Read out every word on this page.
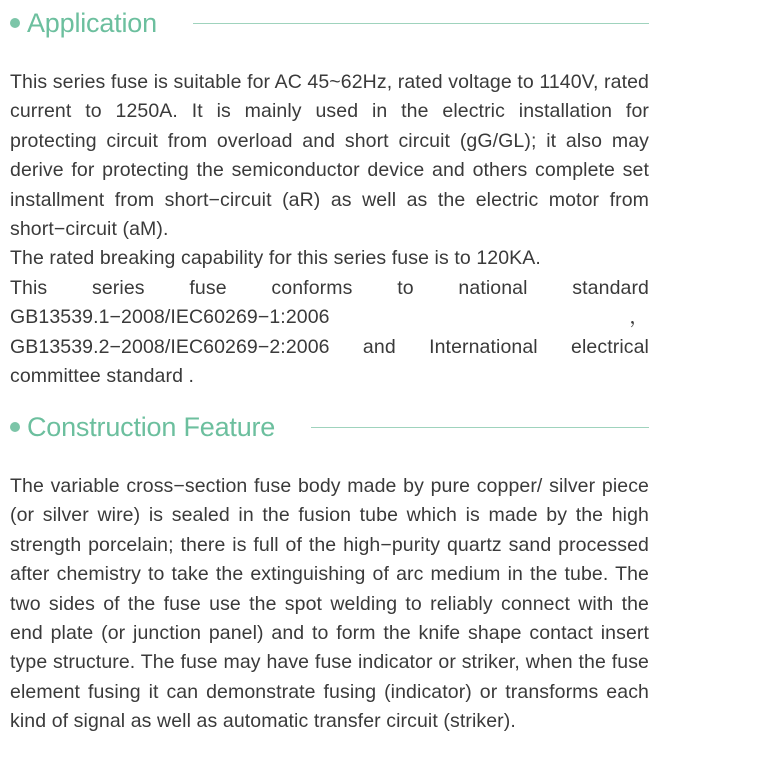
Application

This series fuse is suitable for AC 45~62Hz, rated voltage to 1140V, rated current to 1250A. It is mainly used in the electric installation for protecting circuit from overload and short circuit (gG/GL); it also may derive for protecting the semiconductor device and others complete set installment from short−circuit (aR) as well as the electric motor from short−circuit (aM).

The rated breaking capability for this series fuse is to 120KA.

This series fuse conforms to national standard GB13539.1−2008/IEC60269−1:2006， GB13539.2−2008/IEC60269−2:2006 and International electrical committee standard .

Construction Feature

The variable cross−section fuse body made by pure copper/ silver piece (or silver wire) is sealed in the fusion tube which is made by the high strength porcelain; there is full of the high−purity quartz sand processed after chemistry to take the extinguishing of arc medium in the tube. The two sides of the fuse use the spot welding to reliably connect with the end plate (or junction panel) and to form the knife shape contact insert type structure. The fuse may have fuse indicator or striker, when the fuse element fusing it can demonstrate fusing (indicator) or transforms each kind of signal as well as automatic transfer circuit (striker).
